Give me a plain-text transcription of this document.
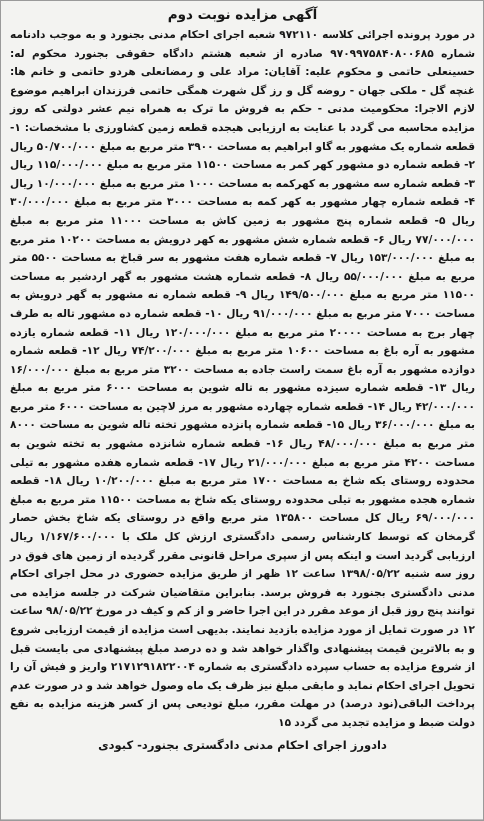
آگهی مزایده نوبت دوم

در مورد پرونده اجرائی کلاسه ۹۷۲۱۱۰ شعبه اجرای احکام مدنی بجنورد و به موجب دادنامه شماره ۹۷۰۹۹۷۵۸۴۰۸۰۰۶۸۵ صادره از شعبه هشتم دادگاه حقوقی بجنورد محکوم له: حسینعلی حاتمی و محکوم علیه: آقایان: مراد علی و رمضانعلی هردو حاتمی و خانم ها: غنچه گل - ملکی جهان - روضه گل و رز گل شهرت همگی حاتمی فرزندان ابراهیم موضوع لازم الاجرا: محکومیت مدنی - حکم به فروش ما ترک به همراه نیم عشر دولتی که روز مزایده محاسبه می گردد با عنایت به ارزیابی هیجده قطعه زمین کشاورزی با مشخصات: ۱- قطعه شماره یک مشهور به گاو ابراهیم به مساحت ۳۹۰۰ متر مربع به مبلغ ۵۰/۷۰۰/۰۰۰ ریال ۲- قطعه شماره دو مشهور کهر کمر به مساحت ۱۱۵۰۰ متر مربع به مبلغ ۱۱۵/۰۰۰/۰۰۰ ریال ۳- قطعه شماره سه مشهور به کهرکمه به مساحت ۱۰۰۰ متر مربع به مبلغ ۱۰/۰۰۰/۰۰۰ ریال ۴- قطعه شماره چهار مشهور به کهر کمه به مساحت ۳۰۰۰ متر مربع به مبلغ ۳۰/۰۰۰/۰۰۰ ریال ۵- قطعه شماره پنج مشهور به زمین کاش به مساحت ۱۱۰۰۰ متر مربع به مبلغ ۷۷/۰۰۰/۰۰۰ ریال ۶- قطعه شماره شش مشهور به کهر درویش به مساحت ۱۰۲۰۰ متر مربع به مبلغ ۱۵۳/۰۰۰/۰۰۰ ریال ۷- قطعه شماره هفت مشهور به سر قباخ به مساحت ۵۵۰۰ متر مربع به مبلغ ۵۵/۰۰۰/۰۰۰ ریال ۸- قطعه شماره هشت مشهور به گهر اردشیر به مساحت ۱۱۵۰۰ متر مربع به مبلغ ۱۴۹/۵۰۰/۰۰۰ ریال ۹- قطعه شماره نه مشهور به گهر درویش به مساحت ۷۰۰۰ متر مربع به مبلغ ۹۱/۰۰۰/۰۰۰ ریال ۱۰- قطعه شماره ده مشهور تاله به طرف چهار برج به مساحت ۲۰۰۰۰ متر مربع به مبلغ ۱۲۰/۰۰۰/۰۰۰ ریال ۱۱- قطعه شماره یازده مشهور به آره باغ به مساحت ۱۰۶۰۰ متر مربع به مبلغ ۷۴/۲۰۰/۰۰۰ ریال ۱۲- قطعه شماره دوازده مشهور به آره باغ سمت راست جاده به مساحت ۳۲۰۰ متر مربع به مبلغ ۱۶/۰۰۰/۰۰۰ ریال ۱۳- قطعه شماره سیزده مشهور به تاله شوین به مساحت ۶۰۰۰ متر مربع به مبلغ ۴۲/۰۰۰/۰۰۰ ریال ۱۴- قطعه شماره چهارده مشهور به مرز لاچین به مساحت ۶۰۰۰ متر مربع به مبلغ ۳۶/۰۰۰/۰۰۰ ریال ۱۵- قطعه شماره پانزده مشهور تخته تاله شوین به مساحت ۸۰۰۰ متر مربع به مبلغ ۴۸/۰۰۰/۰۰۰ ریال ۱۶- قطعه شماره شانزده مشهور به تخته شوین به مساحت ۴۲۰۰ متر مربع به مبلغ ۲۱/۰۰۰/۰۰۰ ریال ۱۷- قطعه شماره هفده مشهور به تیلی محدوده روستای یکه شاخ به مساحت ۱۷۰۰ متر مربع به مبلغ ۱۰/۲۰۰/۰۰۰ ریال ۱۸- قطعه شماره هجده مشهور به تیلی محدوده روستای یکه شاخ به مساحت ۱۱۵۰۰ متر مربع به مبلغ ۶۹/۰۰۰/۰۰۰ ریال کل مساحت ۱۳۵۸۰۰ متر مربع واقع در روستای یکه شاخ بخش حصار گرمخان که توسط کارشناس رسمی دادگستری ارزش کل ملک با ۱/۱۶۷/۶۰۰/۰۰۰ ریال ارزیابی گردید است و اینکه پس از سپری مراحل قانونی مقرر گردیده از زمین های فوق در روز سه شنبه ۱۳۹۸/۰۵/۲۲ ساعت ۱۲ ظهر از طریق مزایده حضوری در محل اجرای احکام مدنی دادگستری بجنورد به فروش برسد. بنابراین متقاضیان شرکت در جلسه مزایده می توانند پنج روز قبل از موعد مقرر در این اجرا حاضر و از کم و کیف در مورخ ۹۸/۰۵/۲۲ ساعت ۱۲ در صورت تمایل از مورد مزایده بازدید نمایند. بدیهی است مزایده از قیمت ارزیابی شروع و به بالاترین قیمت پیشنهادی واگذار خواهد شد و ده درصد مبلغ پیشنهادی می بایست قبل از شروع مزایده به حساب سپرده دادگستری به شماره ۲۱۷۱۲۹۱۸۲۲۰۰۴ واریز و فیش آن را تحویل اجرای احکام نماید و مابقی مبلغ نیز ظرف یک ماه وصول خواهد شد و در صورت عدم پرداخت الباقی(نود درصد) در مهلت مقرر، مبلغ تودیعی پس از کسر هزینه مزایده به نفع دولت ضبط و مزایده تجدید می گردد ۱۵

دادورز اجرای احکام مدنی دادگستری بجنورد- کبودی
